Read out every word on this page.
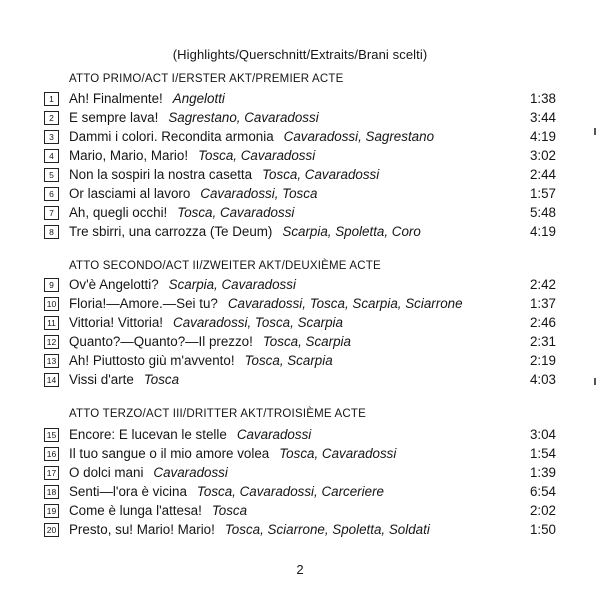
(Highlights/Querschnitt/Extraits/Brani scelti)
ATTO PRIMO/ACT I/ERSTER AKT/PREMIER ACTE
1	Ah! Finalmente! Angelotti	1:38
2	E sempre lava! Sagrestano, Cavaradossi	3:44
3	Dammi i colori. Recondita armonia Cavaradossi, Sagrestano	4:19
4	Mario, Mario, Mario! Tosca, Cavaradossi	3:02
5	Non la sospiri la nostra casetta Tosca, Cavaradossi	2:44
6	Or lasciami al lavoro Cavaradossi, Tosca	1:57
7	Ah, quegli occhi! Tosca, Cavaradossi	5:48
8	Tre sbirri, una carrozza (Te Deum) Scarpia, Spoletta, Coro	4:19
ATTO SECONDO/ACT II/ZWEITER AKT/DEUXIÈME ACTE
9	Ov'è Angelotti? Scarpia, Cavaradossi	2:42
10 Floria!—Amore.—Sei tu? Cavaradossi, Tosca, Scarpia, Sciarrone	1:37
11 Vittoria! Vittoria! Cavaradossi, Tosca, Scarpia	2:46
12 Quanto?—Quanto?—Il prezzo! Tosca, Scarpia	2:31
13 Ah! Piuttosto giù m'avvento! Tosca, Scarpia	2:19
14 Vissi d'arte Tosca	4:03
ATTO TERZO/ACT III/DRITTER AKT/TROISIÈME ACTE
15 Encore: E lucevan le stelle Cavaradossi	3:04
16 Il tuo sangue o il mio amore volea Tosca, Cavaradossi	1:54
17 O dolci mani Cavaradossi	1:39
18 Senti—l'ora è vicina Tosca, Cavaradossi, Carceriere	6:54
19 Come è lunga l'attesa! Tosca	2:02
20 Presto, su! Mario! Mario! Tosca, Sciarrone, Spoletta, Soldati	1:50
2
